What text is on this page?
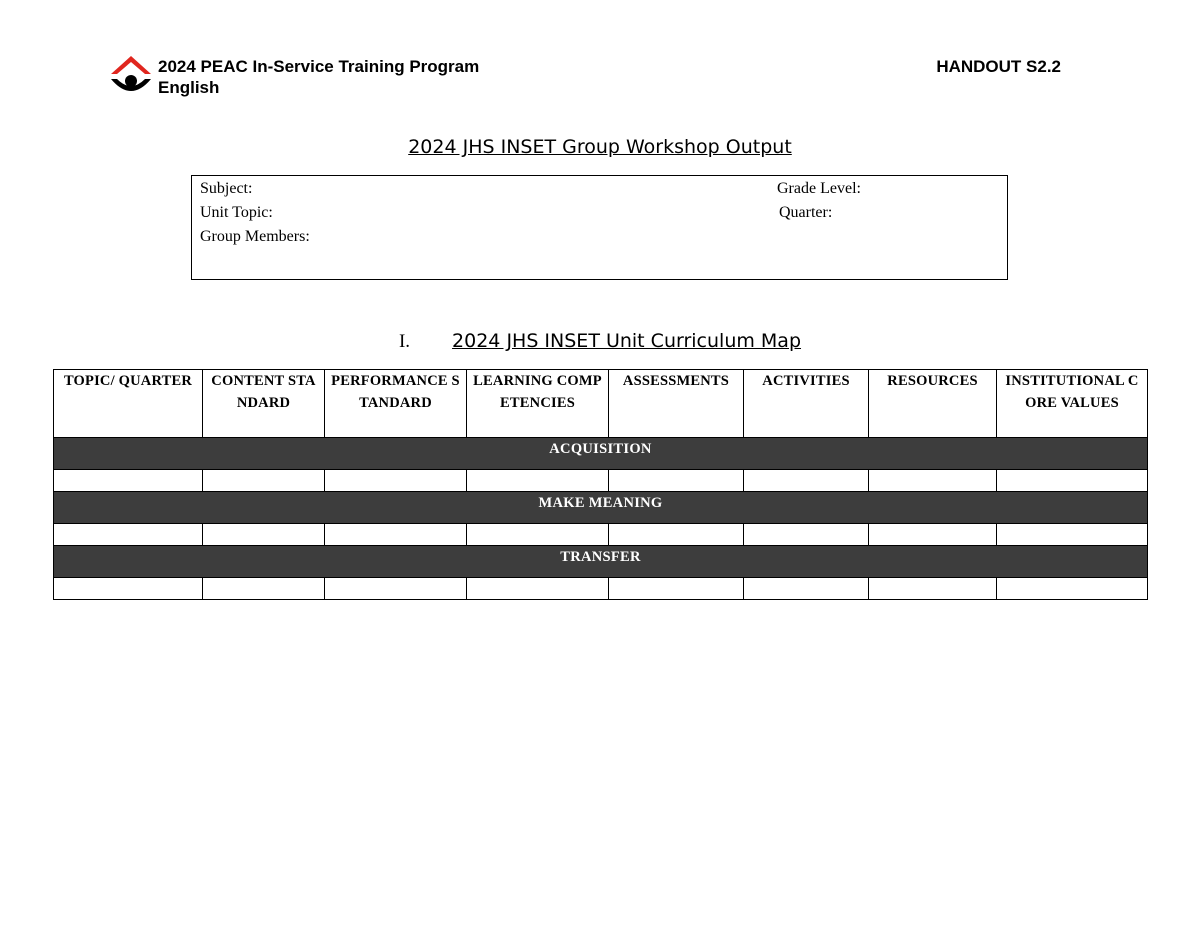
2024 PEAC In-Service Training Program
English
HANDOUT S2.2
2024 JHS INSET Group Workshop Output
Subject:
Unit Topic:
Group Members:
Grade Level:
Quarter:
I. 2024 JHS INSET Unit Curriculum Map
TOPIC/ QUARTER	CONTENT STANDARD	PERFORMANCE STANDARD	LEARNING COMPETENCIES	ASSESSMENTS	ACTIVITIES	RESOURCES	INSTITUTIONAL CORE VALUES
ACQUISITION							

MAKE MEANING							

TRANSFER							
